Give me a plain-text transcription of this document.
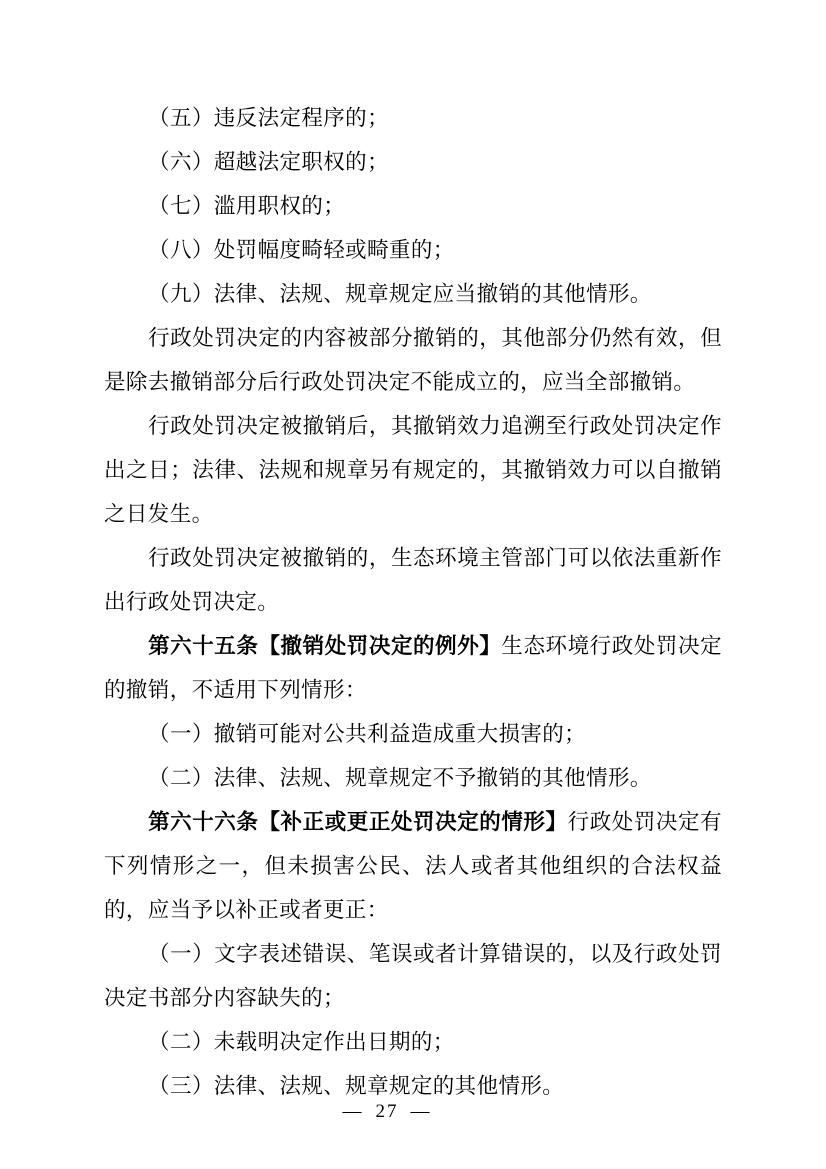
（五）违反法定程序的；

（六）超越法定职权的；

（七）滥用职权的；

（八）处罚幅度畸轻或畸重的；

（九）法律、法规、规章规定应当撤销的其他情形。

行政处罚决定的内容被部分撤销的，其他部分仍然有效，但是除去撤销部分后行政处罚决定不能成立的，应当全部撤销。

行政处罚决定被撤销后，其撤销效力追溯至行政处罚决定作出之日；法律、法规和规章另有规定的，其撤销效力可以自撤销之日发生。

行政处罚决定被撤销的，生态环境主管部门可以依法重新作出行政处罚决定。

第六十五条【撤销处罚决定的例外】生态环境行政处罚决定的撤销，不适用下列情形：

（一）撤销可能对公共利益造成重大损害的；

（二）法律、法规、规章规定不予撤销的其他情形。

第六十六条【补正或更正处罚决定的情形】行政处罚决定有下列情形之一，但未损害公民、法人或者其他组织的合法权益的，应当予以补正或者更正：

（一）文字表述错误、笔误或者计算错误的，以及行政处罚决定书部分内容缺失的；

（二）未载明决定作出日期的；

（三）法律、法规、规章规定的其他情形。

— 27 —
